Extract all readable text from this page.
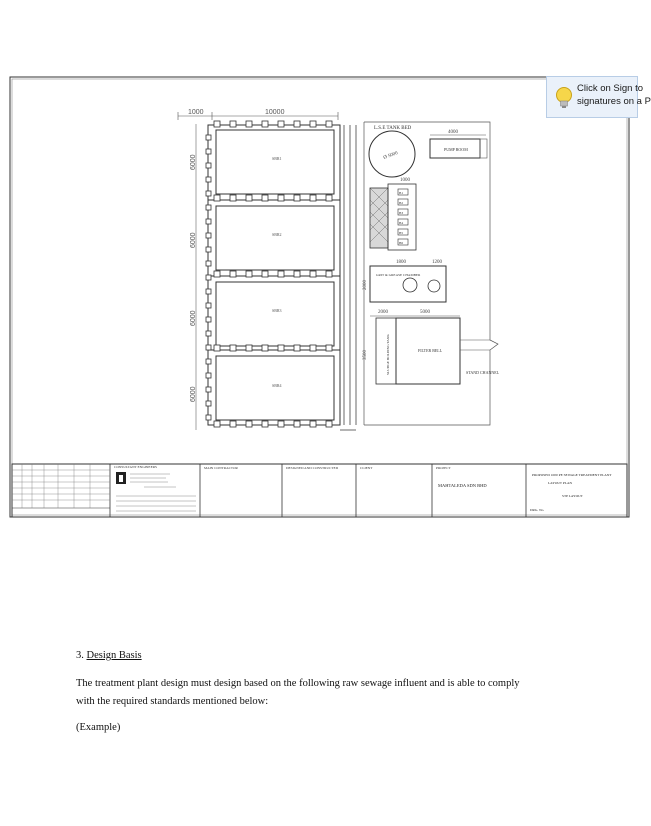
1000	10000
6000
6000
6000
6000
SBR1
SBR2
SBR3
SBR4
L.S.E TANK BED
Ø 5000
4000
PUMP ROOM
1000
B1
B2
B3
B4
B5
B6
1800	1200
2000
GRIT & GREASE CHAMBER
2000	5000
3500	SLUDGE HOLDING TANK	FILTER BELL
STAND CHANNEL
CONSULTANT ENGINEERS	MAIN CONTRACTOR	DESIGNED AND CONSTRUCTED	CLIENT	PROJECT
MAHTALEDA SDN BHD
PROPOSED 1000 PE SEWAGE TREATMENT PLANT
LAYOUT PLAN
STP LAYOUT
DRG. No.
Click on Sign to
signatures on a P
3. Design Basis
The treatment plant design must design based on the following raw sewage influent and is able to comply
with the required standards mentioned below:
(Example)
